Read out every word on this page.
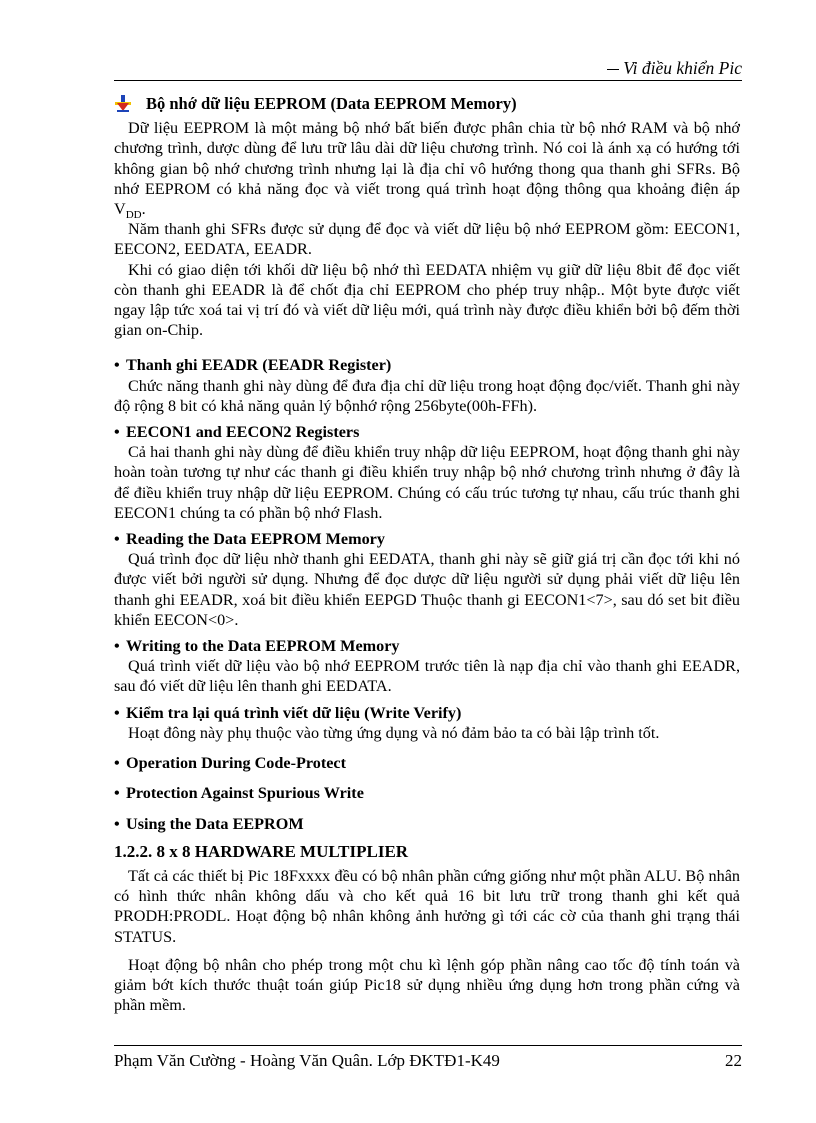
Vi điều khiển Pic
Bộ nhớ dữ liệu EEPROM (Data EEPROM Memory)

Dữ liệu EEPROM là một mảng bộ nhớ bất biến được phân chia từ bộ nhớ RAM và bộ nhớ chương trình, dược dùng để lưu trữ lâu dài dữ liệu chương trình. Nó coi là ánh xạ có hướng tới không gian bộ nhớ chương trình nhưng lại là địa chỉ vô hướng thong qua thanh ghi SFRs. Bộ nhớ EEPROM có khả năng đọc và viết trong quá trình hoạt động thông qua khoảng điện áp $V_{DD}$.

Năm thanh ghi SFRs được sử dụng để đọc và viết dữ liệu bộ nhớ EEPROM gồm: EECON1, EECON2, EEDATA, EEADR.

Khi có giao diện tới khối dữ liệu bộ nhớ thì EEDATA nhiệm vụ giữ dữ liệu 8bit để đọc viết còn thanh ghi EEADR là để chốt địa chỉ EEPROM cho phép truy nhập.. Một byte được viết ngay lập tức xoá tai vị trí đó và viết dữ liệu mới, quá trình này được điều khiển bởi bộ đếm thời gian on-Chip.

• Thanh ghi EEADR (EEADR Register)

Chức năng thanh ghi này dùng để đưa địa chỉ dữ liệu trong hoạt động đọc/viết. Thanh ghi này độ rộng 8 bit có khả năng quản lý bộnhớ rộng 256byte(00h-FFh).

• EECON1 and EECON2 Registers

Cả hai thanh ghi này dùng để điều khiển truy nhập dữ liệu EEPROM, hoạt động thanh ghi này hoàn toàn tương tự như các thanh gi điều khiển truy nhập bộ nhớ chương trình nhưng ở đây là để điều khiển truy nhập dữ liệu EEPROM. Chúng có cấu trúc tương tự nhau, cấu trúc thanh ghi EECON1 chúng ta có phần bộ nhớ Flash.

• Reading the Data EEPROM Memory

Quá trình đọc dữ liệu nhờ thanh ghi EEDATA, thanh ghi này sẽ giữ giá trị cần đọc tới khi nó được viết bởi người sử dụng. Nhưng để đọc dược dữ liệu người sử dụng phải viết dữ liệu lên thanh ghi EEADR, xoá bit điều khiển EEPGD Thuộc thanh gi EECON1<7>, sau dó set bit điều khiển EECON<0>.

• Writing to the Data EEPROM Memory

Quá trình viết dữ liệu vào bộ nhớ EEPROM trước tiên là nạp địa chỉ vào thanh ghi EEADR, sau đó viết dữ liệu lên thanh ghi EEDATA.

• Kiểm tra lại quá trình viết dữ liệu (Write Verify)

Hoạt đông này phụ thuộc vào từng ứng dụng và nó đảm bảo ta có bài lập trình tốt.

• Operation During Code-Protect
• Protection Against Spurious Write
• Using the Data EEPROM
1.2.2. 8 x 8 HARDWARE MULTIPLIER

Tất cả các thiết bị Pic 18Fxxxx đều có bộ nhân phần cứng giống như một phần ALU. Bộ nhân có hình thức nhân không dấu và cho kết quả 16 bit lưu trữ trong thanh ghi kết quả PRODH:PRODL. Hoạt động bộ nhân không ảnh hưởng gì tới các cờ của thanh ghi trạng thái STATUS.

Hoạt động bộ nhân cho phép trong một chu kì lệnh góp phần nâng cao tốc độ tính toán và giảm bớt kích thước thuật toán giúp Pic18 sử dụng nhiều ứng dụng hơn trong phần cứng và phần mềm.

Phạm Văn Cường - Hoàng Văn Quân. Lớp ĐKTĐ1-K49	22
